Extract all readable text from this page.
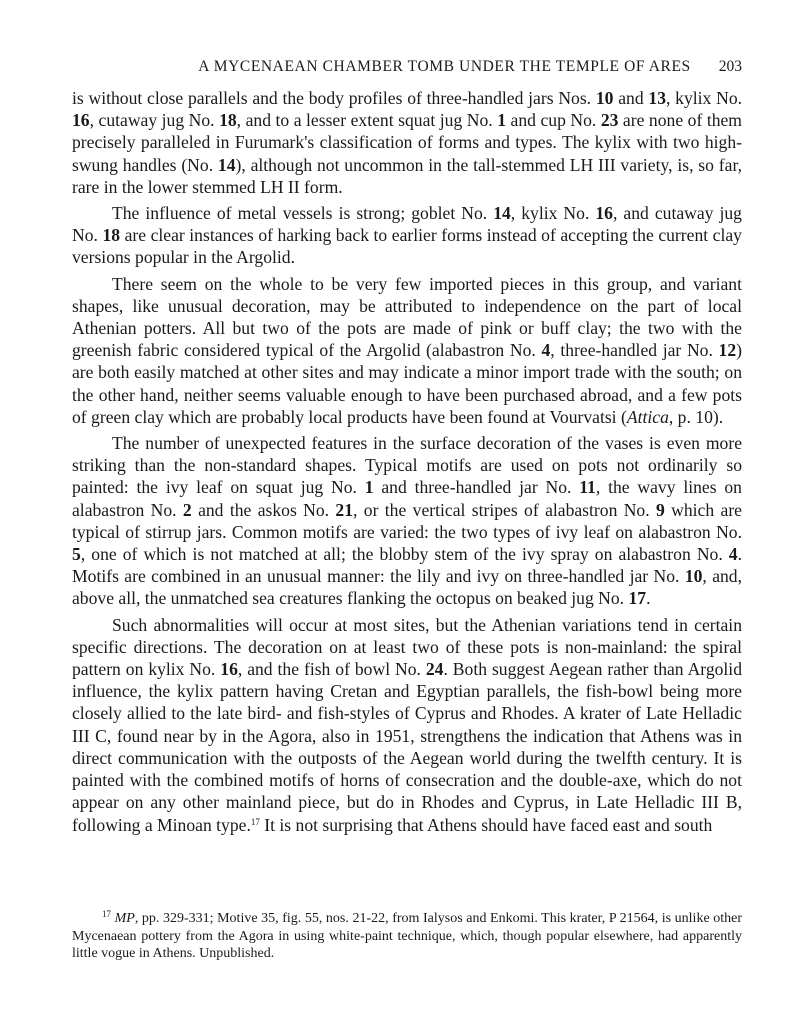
A MYCENAEAN CHAMBER TOMB UNDER THE TEMPLE OF ARES 203

is without close parallels and the body profiles of three-handled jars Nos. 10 and 13, kylix No. 16, cutaway jug No. 18, and to a lesser extent squat jug No. 1 and cup No. 23 are none of them precisely paralleled in Furumark's classification of forms and types. The kylix with two high-swung handles (No. 14), although not uncommon in the tall-stemmed LH III variety, is, so far, rare in the lower stemmed LH II form.

The influence of metal vessels is strong; goblet No. 14, kylix No. 16, and cutaway jug No. 18 are clear instances of harking back to earlier forms instead of accepting the current clay versions popular in the Argolid.

There seem on the whole to be very few imported pieces in this group, and variant shapes, like unusual decoration, may be attributed to independence on the part of local Athenian potters. All but two of the pots are made of pink or buff clay; the two with the greenish fabric considered typical of the Argolid (alabastron No. 4, three-handled jar No. 12) are both easily matched at other sites and may indicate a minor import trade with the south; on the other hand, neither seems valuable enough to have been purchased abroad, and a few pots of green clay which are probably local products have been found at Vourvatsi (Attica, p. 10).

The number of unexpected features in the surface decoration of the vases is even more striking than the non-standard shapes. Typical motifs are used on pots not ordinarily so painted: the ivy leaf on squat jug No. 1 and three-handled jar No. 11, the wavy lines on alabastron No. 2 and the askos No. 21, or the vertical stripes of alabastron No. 9 which are typical of stirrup jars. Common motifs are varied: the two types of ivy leaf on alabastron No. 5, one of which is not matched at all; the blobby stem of the ivy spray on alabastron No. 4. Motifs are combined in an unusual manner: the lily and ivy on three-handled jar No. 10, and, above all, the unmatched sea creatures flanking the octopus on beaked jug No. 17.

Such abnormalities will occur at most sites, but the Athenian variations tend in certain specific directions. The decoration on at least two of these pots is non-mainland: the spiral pattern on kylix No. 16, and the fish of bowl No. 24. Both suggest Aegean rather than Argolid influence, the kylix pattern having Cretan and Egyptian parallels, the fish-bowl being more closely allied to the late bird- and fish-styles of Cyprus and Rhodes. A krater of Late Helladic III C, found near by in the Agora, also in 1951, strengthens the indication that Athens was in direct communication with the outposts of the Aegean world during the twelfth century. It is painted with the combined motifs of horns of consecration and the double-axe, which do not appear on any other mainland piece, but do in Rhodes and Cyprus, in Late Helladic III B, following a Minoan type.$^{17}$ It is not surprising that Athens should have faced east and south

$^{17}$ MP, pp. 329-331; Motive 35, fig. 55, nos. 21-22, from Ialysos and Enkomi. This krater, P 21564, is unlike other Mycenaean pottery from the Agora in using white-paint technique, which, though popular elsewhere, had apparently little vogue in Athens. Unpublished.
